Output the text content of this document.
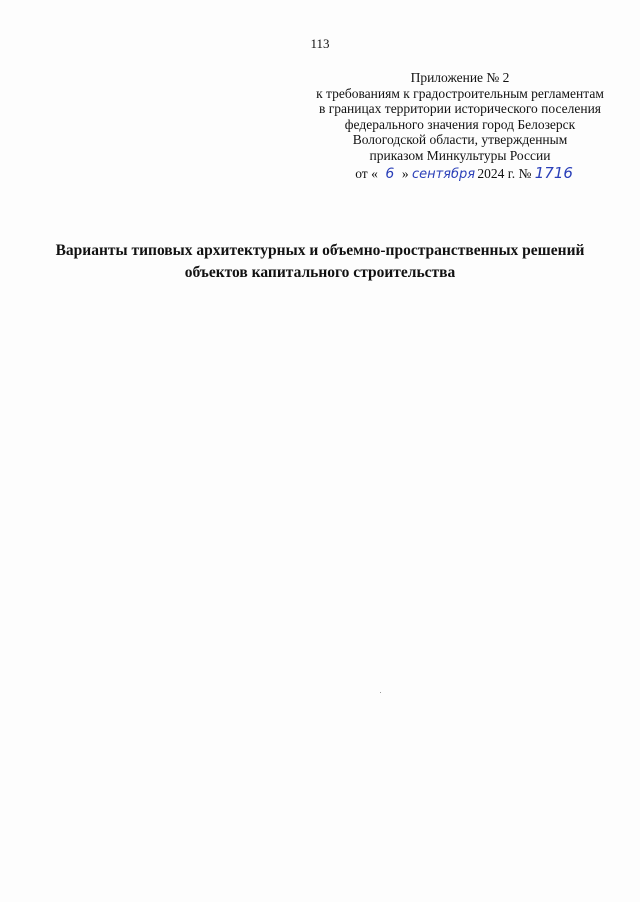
113
Приложение № 2
к требованиям к градостроительным регламентам
в границах территории исторического поселения
федерального значения город Белозерск
Вологодской области, утвержденным
приказом Минкультуры России
от « 6 » сентября 2024 г. № 1716
Варианты типовых архитектурных и объемно-пространственных решений
объектов капитального строительства
